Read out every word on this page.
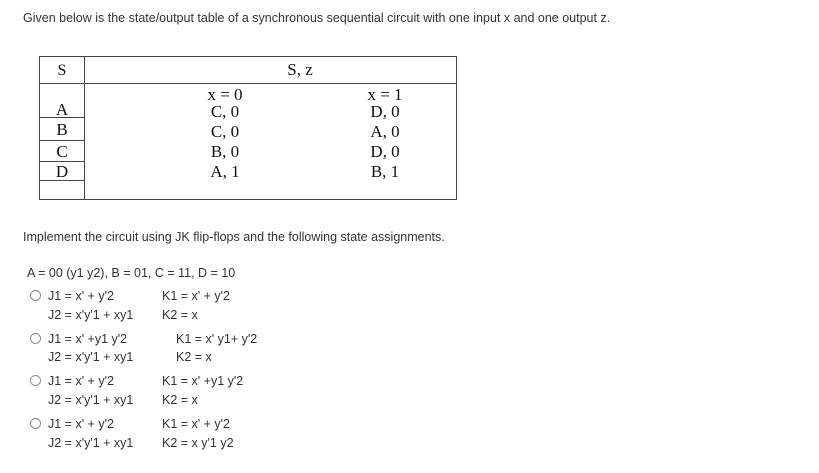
Given below is the state/output table of a synchronous sequential circuit with one input x and one output z.
S	S, z
x = 0	x = 1
A	C, 0	D, 0
B	C, 0	A, 0
C	B, 0	D, 0
D	A, 1	B, 1
Implement the circuit using JK flip-flops and the following state assignments.
A = 00 (y1 y2), B = 01, C = 11, D = 10
J1 = x' + y'2	K1 = x' + y'2
J2 = x'y'1 + xy1 K2 = x
J1 = x' +y1 y'2	K1 = x' y1+ y'2
J2 = x'y'1 + xy1	K2 = x
J1 = x' + y'2	K1 = x' +y1 y'2
J2 = x'y'1 + xy1 K2 = x
J1 = x' + y'2	K1 = x' + y'2
J2 = x'y'1 + xy1 K2 = x y'1 y2
